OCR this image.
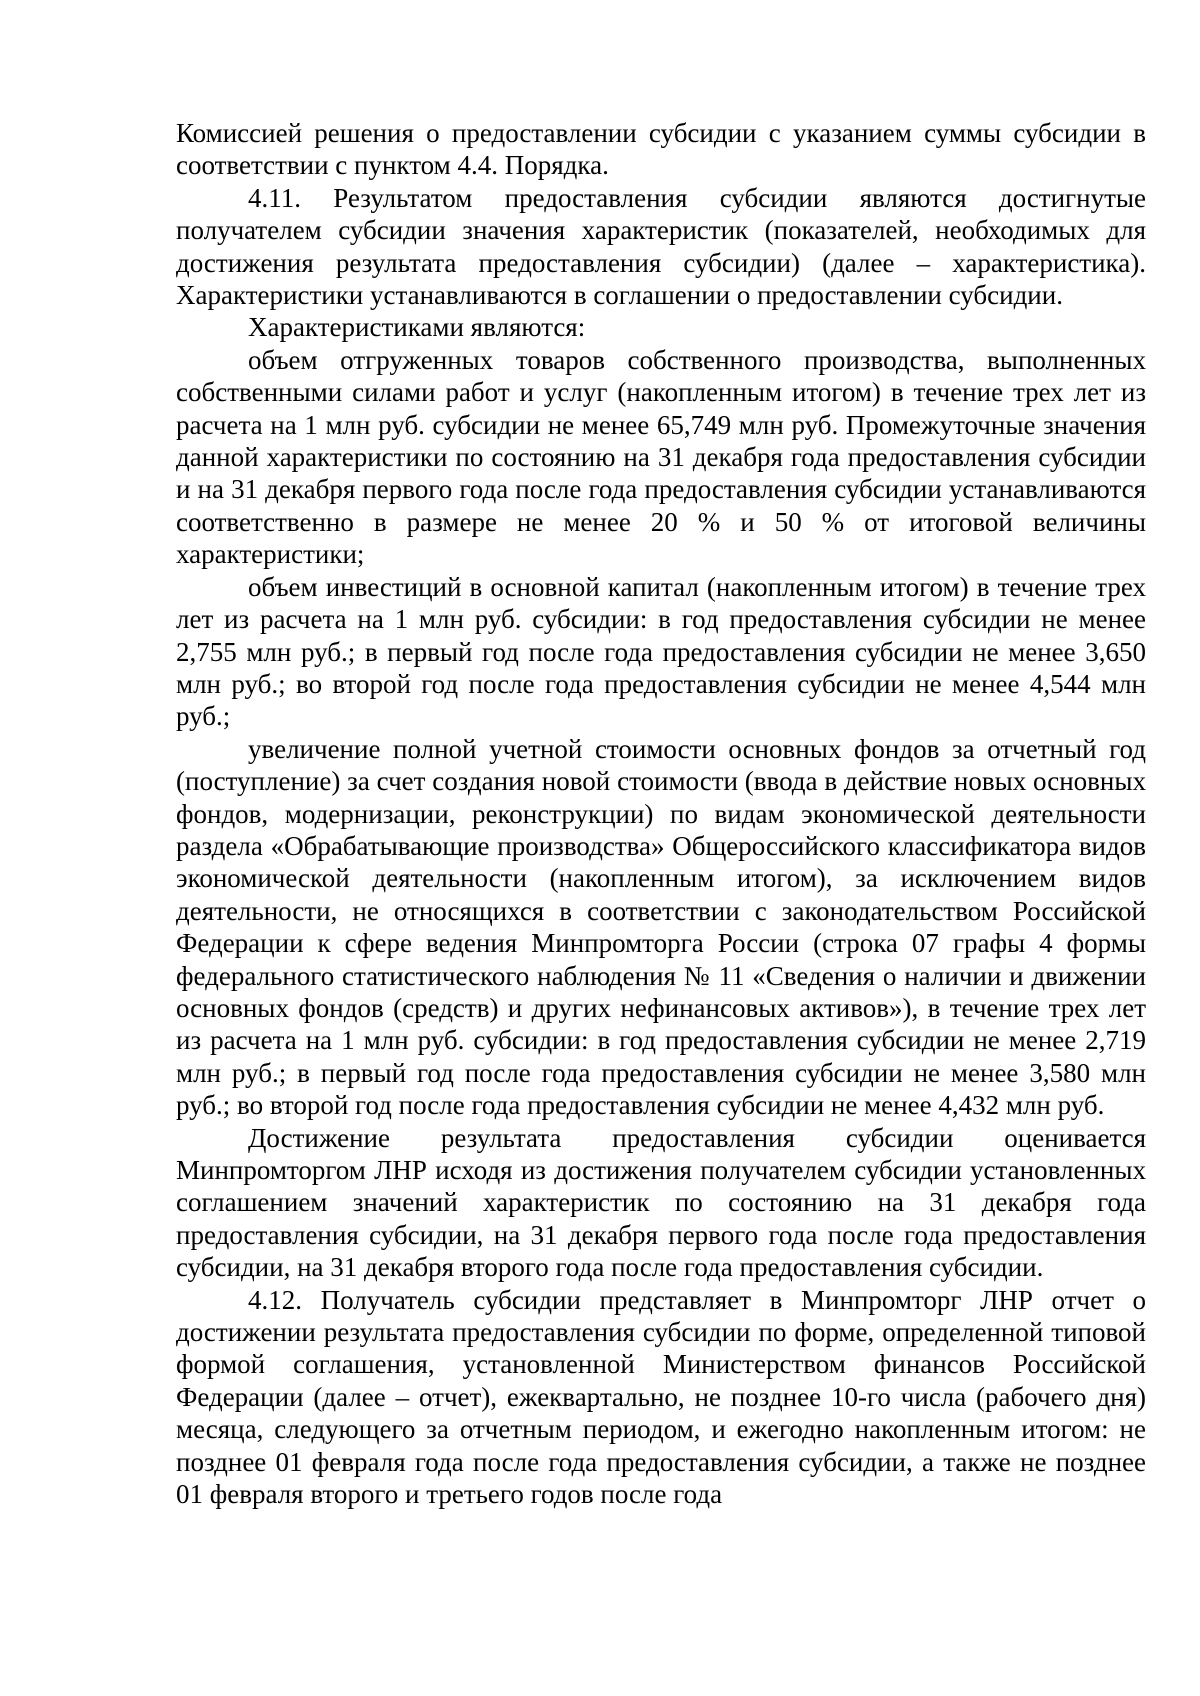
Комиссией решения о предоставлении субсидии с указанием суммы субсидии в соответствии с пунктом 4.4. Порядка.

4.11. Результатом предоставления субсидии являются достигнутые получателем субсидии значения характеристик (показателей, необходимых для достижения результата предоставления субсидии) (далее – характеристика). Характеристики устанавливаются в соглашении о предоставлении субсидии.

Характеристиками являются:

объем отгруженных товаров собственного производства, выполненных собственными силами работ и услуг (накопленным итогом) в течение трех лет из расчета на 1 млн руб. субсидии не менее 65,749 млн руб. Промежуточные значения данной характеристики по состоянию на 31 декабря года предоставления субсидии и на 31 декабря первого года после года предоставления субсидии устанавливаются соответственно в размере не менее 20 % и 50 % от итоговой величины характеристики;

объем инвестиций в основной капитал (накопленным итогом) в течение трех лет из расчета на 1 млн руб. субсидии: в год предоставления субсидии не менее 2,755 млн руб.; в первый год после года предоставления субсидии не менее 3,650 млн руб.; во второй год после года предоставления субсидии не менее 4,544 млн руб.;

увеличение полной учетной стоимости основных фондов за отчетный год (поступление) за счет создания новой стоимости (ввода в действие новых основных фондов, модернизации, реконструкции) по видам экономической деятельности раздела «Обрабатывающие производства» Общероссийского классификатора видов экономической деятельности (накопленным итогом), за исключением видов деятельности, не относящихся в соответствии с законодательством Российской Федерации к сфере ведения Минпромторга России (строка 07 графы 4 формы федерального статистического наблюдения № 11 «Сведения о наличии и движении основных фондов (средств) и других нефинансовых активов»), в течение трех лет из расчета на 1 млн руб. субсидии: в год предоставления субсидии не менее 2,719 млн руб.; в первый год после года предоставления субсидии не менее 3,580 млн руб.; во второй год после года предоставления субсидии не менее 4,432 млн руб.

Достижение результата предоставления субсидии оценивается Минпромторгом ЛНР исходя из достижения получателем субсидии установленных соглашением значений характеристик по состоянию на 31 декабря года предоставления субсидии, на 31 декабря первого года после года предоставления субсидии, на 31 декабря второго года после года предоставления субсидии.

4.12. Получатель субсидии представляет в Минпромторг ЛНР отчет о достижении результата предоставления субсидии по форме, определенной типовой формой соглашения, установленной Министерством финансов Российской Федерации (далее – отчет), ежеквартально, не позднее 10-го числа (рабочего дня) месяца, следующего за отчетным периодом, и ежегодно накопленным итогом: не позднее 01 февраля года после года предоставления субсидии, а также не позднее 01 февраля второго и третьего годов после года
